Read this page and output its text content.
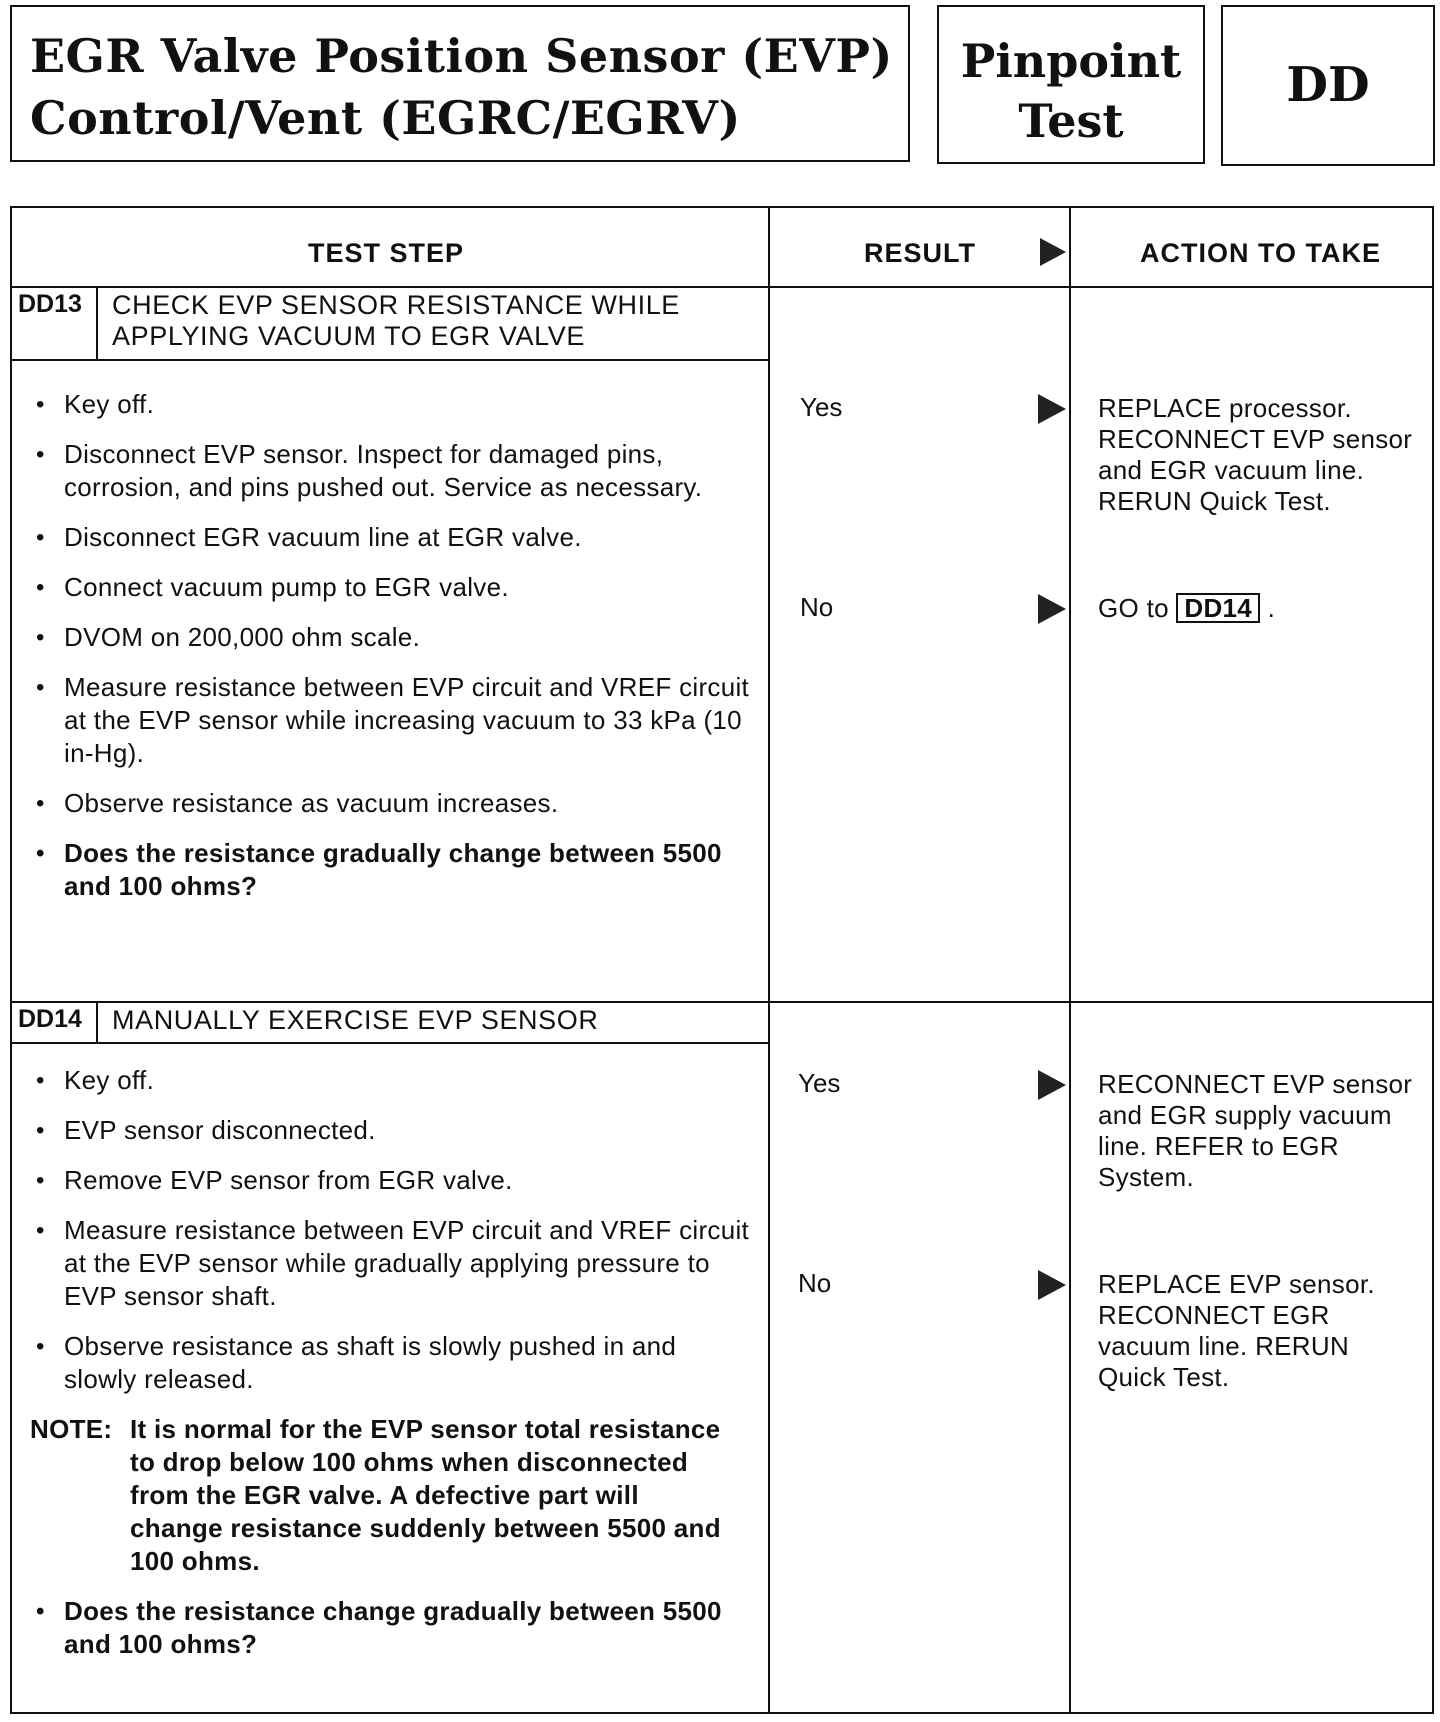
EGR Valve Position Sensor (EVP)
Control/Vent (EGRC/EGRV)
Pinpoint
Test
DD
TEST STEP	RESULT	ACTION TO TAKE
DD13	CHECK EVP SENSOR RESISTANCE WHILE APPLYING VACUUM TO EGR VALVE
• Key off.
• Disconnect EVP sensor. Inspect for damaged pins, corrosion, and pins pushed out. Service as necessary.
• Disconnect EGR vacuum line at EGR valve.
• Connect vacuum pump to EGR valve.
• DVOM on 200,000 ohm scale.
• Measure resistance between EVP circuit and VREF circuit at the EVP sensor while increasing vacuum to 33 kPa (10 in-Hg).
• Observe resistance as vacuum increases.
• Does the resistance gradually change between 5500 and 100 ohms?
Yes	REPLACE processor. RECONNECT EVP sensor and EGR vacuum line. RERUN Quick Test.
No	GO to DD14 .
DD14	MANUALLY EXERCISE EVP SENSOR
• Key off.
• EVP sensor disconnected.
• Remove EVP sensor from EGR valve.
• Measure resistance between EVP circuit and VREF circuit at the EVP sensor while gradually applying pressure to EVP sensor shaft.
• Observe resistance as shaft is slowly pushed in and slowly released.
NOTE: It is normal for the EVP sensor total resistance to drop below 100 ohms when disconnected from the EGR valve. A defective part will change resistance suddenly between 5500 and 100 ohms.
• Does the resistance change gradually between 5500 and 100 ohms?
Yes	RECONNECT EVP sensor and EGR supply vacuum line. REFER to EGR System.
No	REPLACE EVP sensor. RECONNECT EGR vacuum line. RERUN Quick Test.
